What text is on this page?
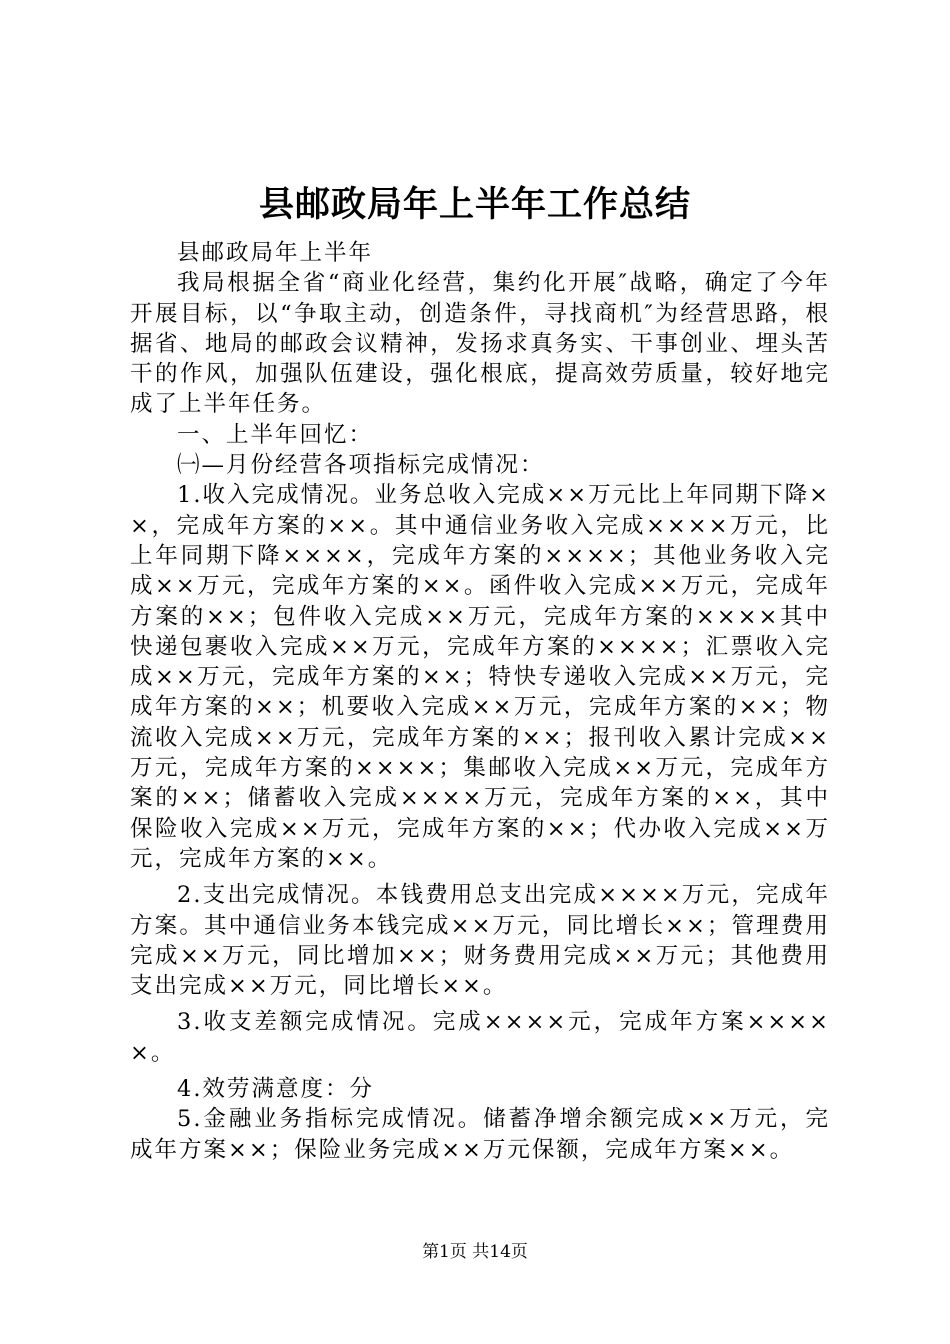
县邮政局年上半年工作总结

县邮政局年上半年

我局根据全省“商业化经营，集约化开展″战略，确定了今年开展目标，以“争取主动，创造条件，寻找商机″为经营思路，根据省、地局的邮政会议精神，发扬求真务实、干事创业、埋头苦干的作风，加强队伍建设，强化根底，提高效劳质量，较好地完成了上半年任务。

一、上半年回忆：

㈠—月份经营各项指标完成情况：

1.收入完成情况。业务总收入完成××万元比上年同期下降××，完成年方案的××。其中通信业务收入完成××××万元，比上年同期下降××××，完成年方案的××××；其他业务收入完成××万元，完成年方案的××。函件收入完成××万元，完成年方案的××；包件收入完成××万元，完成年方案的××××其中快递包裹收入完成××万元，完成年方案的××××；汇票收入完成××万元，完成年方案的××；特快专递收入完成××万元，完成年方案的××；机要收入完成××万元，完成年方案的××；物流收入完成××万元，完成年方案的××；报刊收入累计完成××万元，完成年方案的××××；集邮收入完成××万元，完成年方案的××；储蓄收入完成××××万元，完成年方案的××，其中保险收入完成××万元，完成年方案的××；代办收入完成××万元，完成年方案的××。

2.支出完成情况。本钱费用总支出完成××××万元，完成年方案。其中通信业务本钱完成××万元，同比增长××；管理费用完成××万元，同比增加××；财务费用完成××万元；其他费用支出完成××万元，同比增长××。

3.收支差额完成情况。完成××××元，完成年方案×××××。

4.效劳满意度：分

5.金融业务指标完成情况。储蓄净增余额完成××万元，完成年方案××；保险业务完成××万元保额，完成年方案××。

第1页 共14页
